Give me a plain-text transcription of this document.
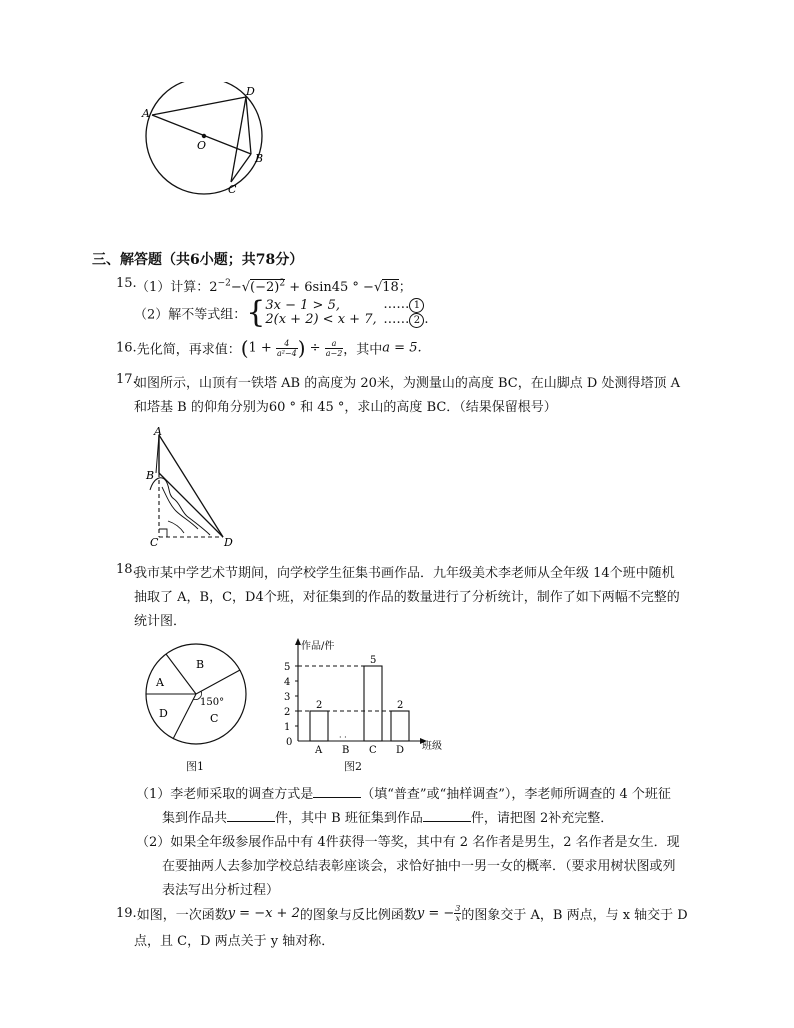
A
D
O
B
C
三、解答题（共6小题；共78分）
15. （1）计算：$2^{-2}-√(-2)^2 + 6\sin 45$ ° −√18；
（2）解不等式组：{ 3x − 1 > 5,
2(x + 2) < x + 7,
…… 1
…… 2 .
16.先化简，再求值：($1 + \frac{4}{\text{a²−4}}$ ) ÷ $\frac{a}{a-2}$ ，其中a = 5.
17.
如图所示，山顶有一铁塔 AB 的高度为 20米，为测量山的高度 BC，在山脚点 D 处测得塔顶 A
和塔基 B 的仰角分别为60 ° 和 45 °，求山的高度 BC．（结果保留根号）
A
B
C	D
18.
我市某中学艺术节期间，向学校学生征集书画作品．九年级美术李老师从全年级 14个班中随机
抽取了 A，B，C，D4个班，对征集到的作品的数量进行了分析统计，制作了如下两幅不完整的
统计图．
B
A
D	C
150°
图1
作品/件
班级
0
1
2
3
4
5
A B C D
2
· ·
5
2
图2
（1）李老师采取的调查方式是	（填“普查”或“抽样调查”），李老师所调查的 4 个班征
集到作品共	件，其中 B 班征集到作品	件，请把图 2补充完整．
（2）如果全年级参展作品中有 4件获得一等奖，其中有 2 名作者是男生，2 名作者是女生．现
在要抽两人去参加学校总结表彰座谈会，求恰好抽中一男一女的概率．（要求用树状图或列
表法写出分析过程）
19.如图，一次函数y = −x + 2的图象与反比例函数y = − $\frac{3}{x}$ 的图象交于 A，B 两点，与 x 轴交于 D
点，且 C，D 两点关于 y 轴对称．
